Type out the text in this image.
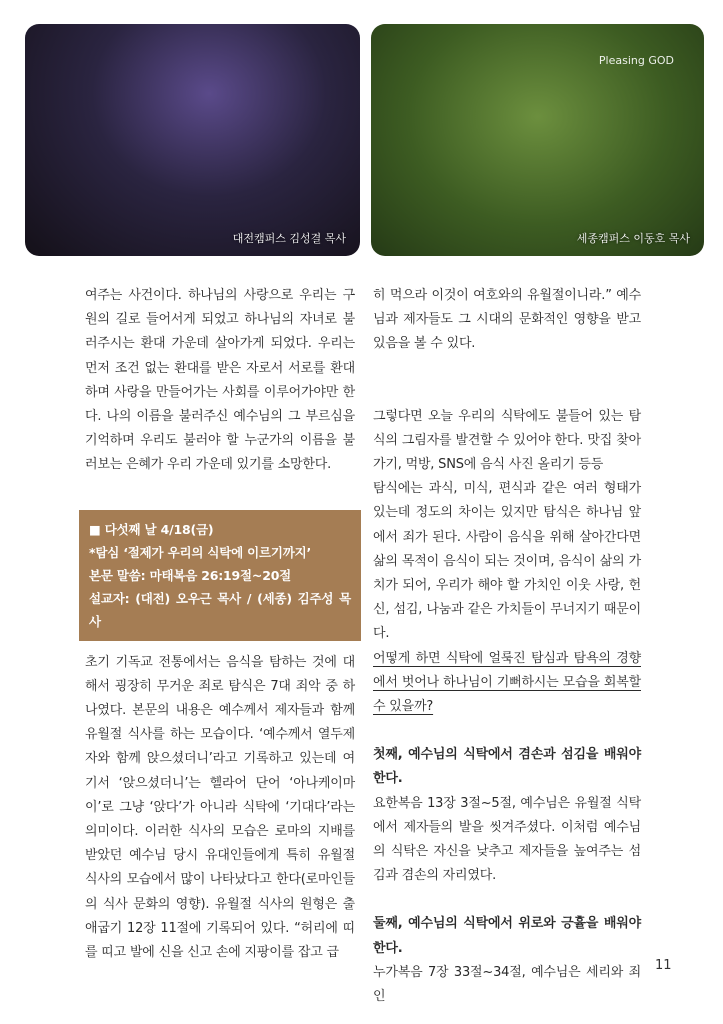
대전캠퍼스 김성결 목사
Pleasing GOD
세종캠퍼스 이동호 목사

여주는 사건이다. 하나님의 사랑으로 우리는 구원의 길로 들어서게 되었고 하나님의 자녀로 불러주시는 환대 가운데 살아가게 되었다. 우리는 먼저 조건 없는 환대를 받은 자로서 서로를 환대하며 사랑을 만들어가는 사회를 이루어가야만 한다. 나의 이름을 불러주신 예수님의 그 부르심을 기억하며 우리도 불러야 할 누군가의 이름을 불러보는 은혜가 우리 가운데 있기를 소망한다.

■ 다섯째 날 4/18(금)
*탐심 ‘절제가 우리의 식탁에 이르기까지’
본문 말씀: 마태복음 26:19절~20절
설교자: (대전) 오우근 목사 / (세종) 김주성 목사

초기 기독교 전통에서는 음식을 탐하는 것에 대해서 굉장히 무거운 죄로 탐식은 7대 죄악 중 하나였다. 본문의 내용은 예수께서 제자들과 함께 유월절 식사를 하는 모습이다. ‘예수께서 열두제자와 함께 앉으셨더니’라고 기록하고 있는데 여기서 ‘앉으셨더니’는 헬라어 단어 ‘아나케이마이’로 그냥 ‘앉다’가 아니라 식탁에 ‘기대다’라는 의미이다. 이러한 식사의 모습은 로마의 지배를 받았던 예수님 당시 유대인들에게 특히 유월절 식사의 모습에서 많이 나타났다고 한다(로마인들의 식사 문화의 영향). 유월절 식사의 원형은 출애굽기 12장 11절에 기록되어 있다. “허리에 띠를 띠고 발에 신을 신고 손에 지팡이를 잡고 급

히 먹으라 이것이 여호와의 유월절이니라.” 예수님과 제자들도 그 시대의 문화적인 영향을 받고 있음을 볼 수 있다.

그렇다면 오늘 우리의 식탁에도 불들어 있는 탐식의 그림자를 발견할 수 있어야 한다. 맛집 찾아가기, 먹방, SNS에 음식 사진 올리기 등등

탐식에는 과식, 미식, 편식과 같은 여러 형태가 있는데 정도의 차이는 있지만 탐식은 하나님 앞에서 죄가 된다. 사람이 음식을 위해 살아간다면 삶의 목적이 음식이 되는 것이며, 음식이 삶의 가치가 되어, 우리가 해야 할 가치인 이웃 사랑, 헌신, 섬김, 나눔과 같은 가치들이 무너지기 때문이다.

어떻게 하면 식탁에 얼룩진 탐심과 탐욕의 경향에서 벗어나 하나님이 기뻐하시는 모습을 회복할 수 있을까?

첫째, 예수님의 식탁에서 겸손과 섬김을 배워야 한다.

요한복음 13장 3절~5절, 예수님은 유월절 식탁에서 제자들의 발을 씻겨주셨다. 이처럼 예수님의 식탁은 자신을 낮추고 제자들을 높여주는 섬김과 겸손의 자리였다.

둘째, 예수님의 식탁에서 위로와 긍휼을 배워야 한다.

누가복음 7장 33절~34절, 예수님은 세리와 죄인

11
